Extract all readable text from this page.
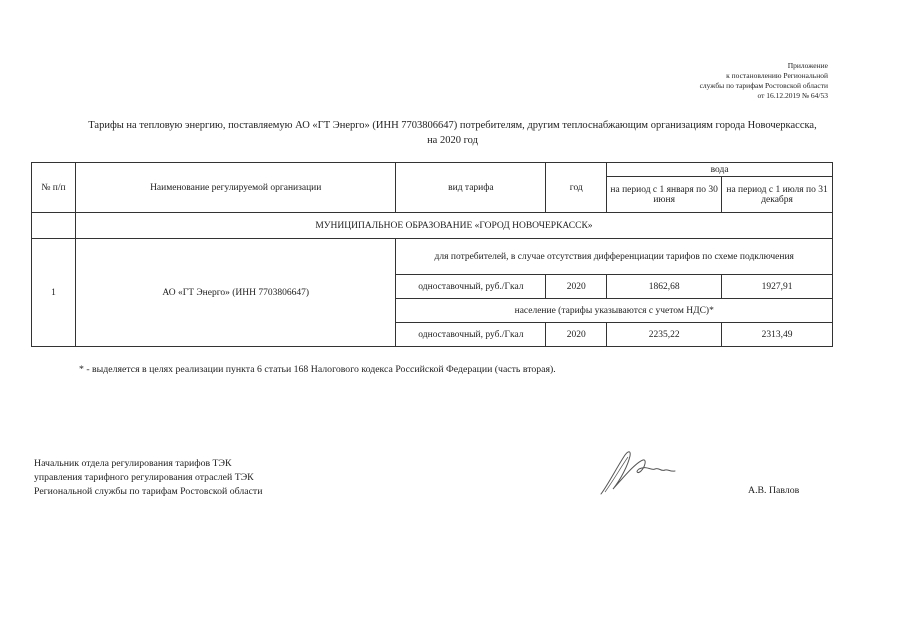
Приложение
к постановлению Региональной
службы по тарифам Ростовской области
от 16.12.2019 № 64/53
Тарифы на тепловую энергию, поставляемую АО «ГТ Энерго» (ИНН 7703806647) потребителям, другим теплоснабжающим организациям города Новочеркасска,
на 2020 год
№ п/п	Наименование регулируемой организации	вид тарифа	год	вода	
				на период с 1 января по 30 июня	на период с 1 июля по 31 декабря
	МУНИЦИПАЛЬНОЕ ОБРАЗОВАНИЕ «ГОРОД НОВОЧЕРКАССК»				
1	АО «ГТ Энерго» (ИНН 7703806647)	для потребителей, в случае отсутствия дифференциации тарифов по схеме подключения			
		одноставочный, руб./Гкал	2020	1862,68	1927,91
		население (тарифы указываются с учетом НДС)*			
		одноставочный, руб./Гкал	2020	2235,22	2313,49
* - выделяется в целях реализации пункта 6 статьи 168 Налогового кодекса Российской Федерации (часть вторая).
Начальник отдела регулирования тарифов ТЭК
управления тарифного регулирования отраслей ТЭК
Региональной службы по тарифам Ростовской области	А.В. Павлов
